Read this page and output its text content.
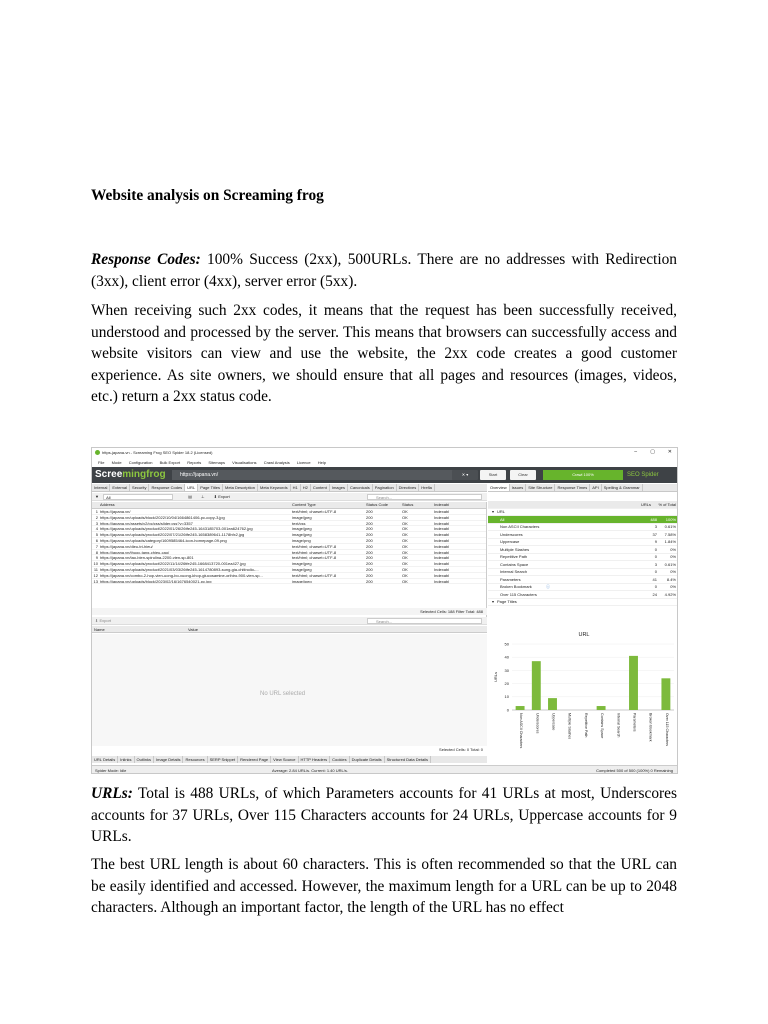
Website analysis on Screaming frog

Response Codes: 100% Success (2xx), 500URLs. There are no addresses with Redirection (3xx), client error (4xx), server error (5xx).

When receiving such 2xx codes, it means that the request has been successfully received, understood and processed by the server. This means that browsers can successfully access and website visitors can view and use the website, the 2xx code creates a good customer experience. As site owners, we should ensure that all pages and resources (images, videos, etc.) return a 2xx status code.

https-japana-vn - Screaming Frog SEO Spider 18.2 (Licensed)	–	▢	✕
File Mode Configuration Bulk Export Reports Sitemaps Visualisations Crawl Analysis Licence Help
Screemingfrog	https://japana.vn/	✕ ▾	Start	Clear	Crawl 100%	SEO Spider
Internal External Security Response Codes URL Page Titles Meta Description Meta Keywords H1 H2 Content Images Canonicals Pagination Directives Hrefla	Overview Issues Site Structure Response Times API Spelling & Grammar
▼ All	▤ ⊥ ⬇ Export	Search...
Address	Content Type	Status Code	Status	Indexabi
1 https://japana.vn/	text/html; charset=UTF-8	200	OK	Indexabl
2 https://japana.vn/uploads/block/2022/10/04/1664861406-pc-copy-3.jpg	image/jpeg	200	OK	Indexabl
3 https://japana.vn/assets/v2/pc/css/slider.css?v=3357	text/css	200	OK	Indexabl
4 https://japana.vn/uploads/product/2022/01/26/26tfe245-1643185703-001ea624762.jpg	image/jpeg	200	OK	Indexabl
5 https://japana.vn/uploads/product/2022/07/21/26tfe245-1658389641-1178hfx2.jpg	image/jpeg	200	OK	Indexabl
6 https://japana.vn/uploads/category/1609585464-icon-homepage-09.png	image/png	200	OK	Indexabl
7 https://japana.vn/dieu-tri-hieu/	text/html; charset=UTF-8	200	OK	Indexabl
8 https://japana.vn/thuoc-tang-chieu-cao/	text/html; charset=UTF-8	200	OK	Indexabl
9 https://japana.vn/tao-bien-spirulina-2200-vien-sp-801	text/html; charset=UTF-8	200	OK	Indexabl
10 https://japana.vn/uploads/product/2022/11/14/26tfe245-1668413720-001ea427.jpg	image/jpeg	200	OK	Indexabl
11 https://japana.vn/uploads/product/2021/03/03/26tfe245-1614780893-sung-gia-chitinolio-...	image/jpeg	200	OK	Indexabl
12 https://japana.vn/combo-2-hop-vien-uong-bo-xuong-khop-glucosamine-orihiro-900-vien-sp...	text/html; charset=UTF-8	200	OK	Indexabl
13 https://japana.vn/uploads/block/2023/02/16/1676540021-pc.jpg	image/jpeg	200	OK	Indexabl
URLs	% of Total
▾ URL
All	488	100%
Non ASCII Characters	3	0.61%
Underscores	37	7.58%
Uppercase	9	1.84%
Multiple Slashes	0	0%
Repetitive Path	0	0%
Contains Space	3	0.61%
Internal Search	0	0%
Parameters	41	8.4%
Broken Bookmark	0	0%
ⓘ
Over 115 Characters	24	4.92%
▾ Page Titles
Selected Cells: 188 Filter Total: 488
⬇ Export	Search...
Name	Value
No URL selected
Selected Cells: 0 Total: 0
URL
URLs
0
10
20
30
40
50
Non ASCII Characters	Underscores	Uppercase	Multiple Slashes	Repetitive Path	Contains Space	Internal Search	Parameters	Broken Bookmark	Over 115 Characters
URL Details Inlinks Outlinks Image Details Resources SERP Snippet Rendered Page View Source HTTP Headers Cookies Duplicate Details Structured Data Details
Spider Mode: Idle	Average: 2.84 URL/s. Current: 1.40 URL/s.	Completed 500 of 500 (100%) 0 Remaining

URLs: Total is 488 URLs, of which Parameters accounts for 41 URLs at most, Underscores accounts for 37 URLs, Over 115 Characters accounts for 24 URLs, Uppercase accounts for 9 URLs.

The best URL length is about 60 characters. This is often recommended so that the URL can be easily identified and accessed. However, the maximum length for a URL can be up to 2048 characters. Although an important factor, the length of the URL has no effect
